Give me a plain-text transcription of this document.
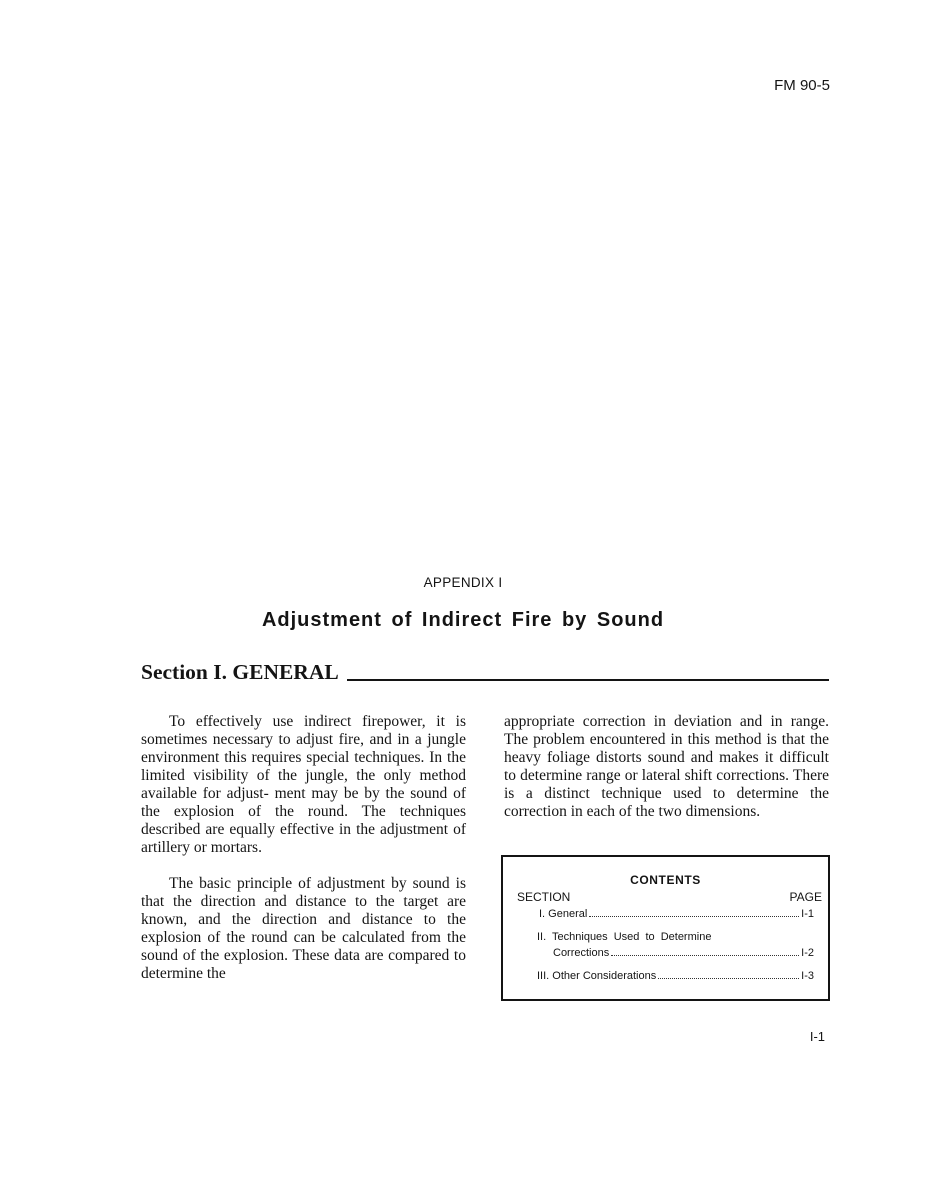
FM 90-5
APPENDIX I
Adjustment of Indirect Fire by Sound
Section I. GENERAL

To effectively use indirect firepower, it is sometimes necessary to adjust fire, and in a jungle environment this requires special techniques. In the limited visibility of the jungle, the only method available for adjust- ment may be by the sound of the explosion of the round. The techniques described are equally effective in the adjustment of artillery or mortars.

The basic principle of adjustment by sound is that the direction and distance to the target are known, and the direction and distance to the explosion of the round can be calculated from the sound of the explosion. These data are compared to determine the

appropriate correction in deviation and in range. The problem encountered in this method is that the heavy foliage distorts sound and makes it difficult to determine range or lateral shift corrections. There is a distinct technique used to determine the correction in each of the two dimensions.

CONTENTS
SECTION	PAGE
I. General	I-1
II. Techniques Used to Determine
Corrections	I-2
III. Other Considerations	I-3
I-1
